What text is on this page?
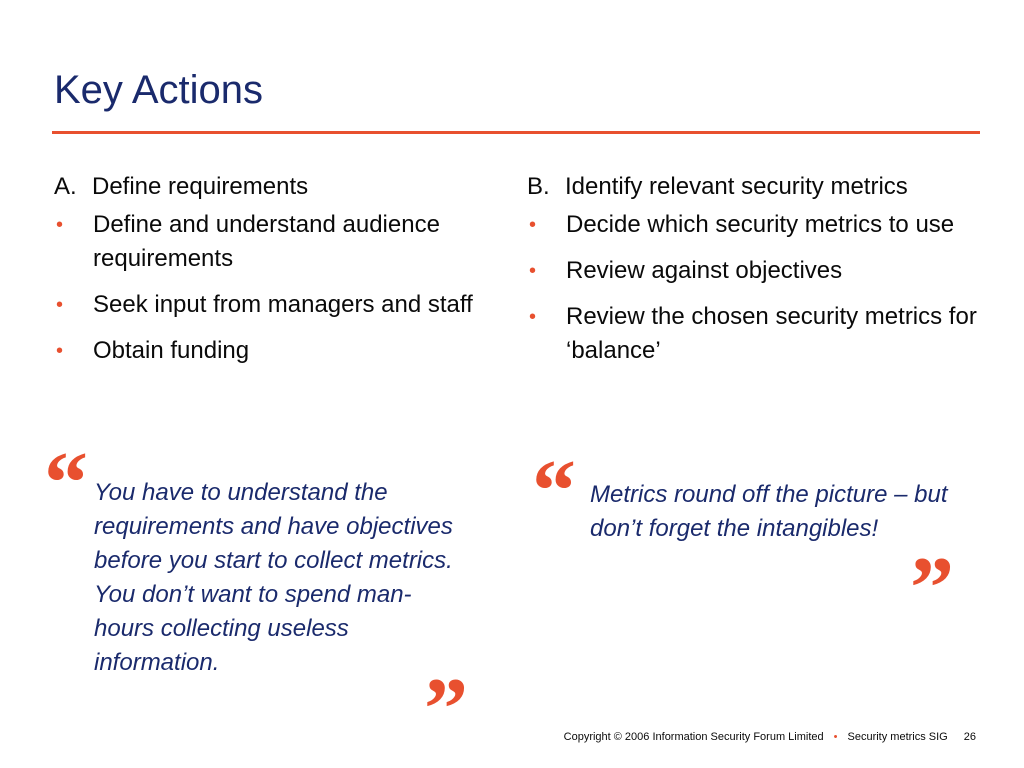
Key Actions
A. Define requirements
• Define and understand audience requirements
• Seek input from managers and staff
• Obtain funding
B. Identify relevant security metrics
• Decide which security metrics to use
• Review against objectives
• Review the chosen security metrics for ‘balance’
“ You have to understand the requirements and have objectives before you start to collect metrics. You don’t want to spend man-hours collecting useless information.	”
“ Metrics round off the picture – but don’t forget the intangibles!
”
Copyright © 2006 Information Security Forum Limited • Security metrics SIG 26
